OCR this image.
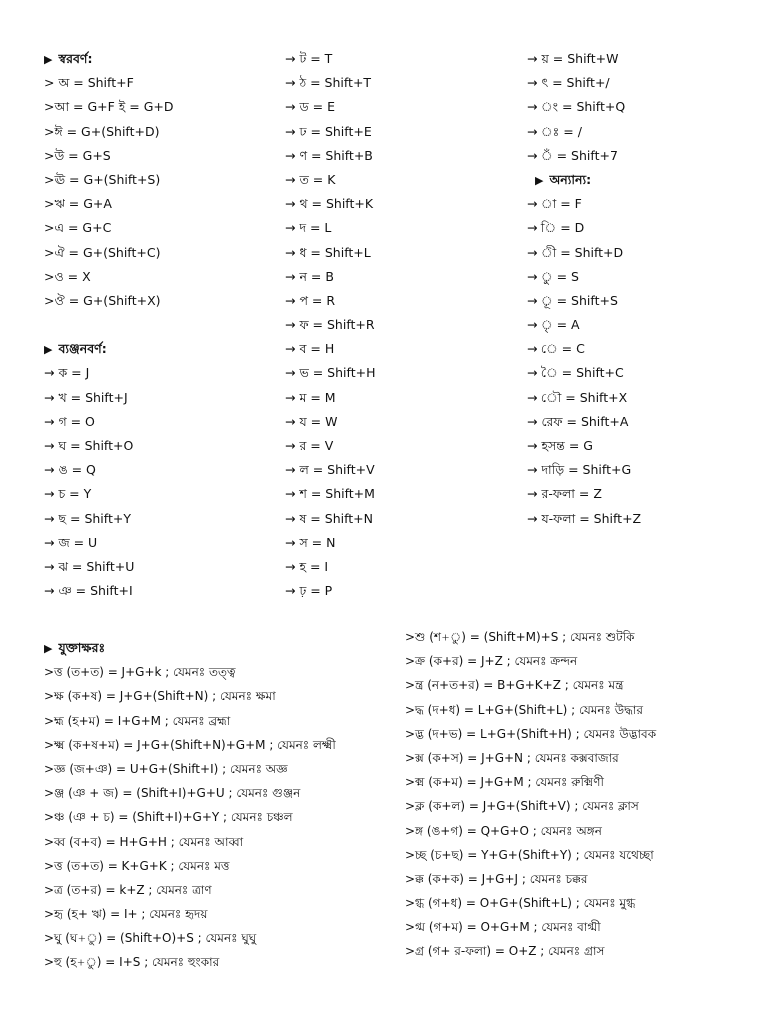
▶ স্বরবর্ণ:
> অ = Shift+F
>আ = G+F ই = G+D
>ঈ = G+(Shift+D)
>উ = G+S
>ঊ = G+(Shift+S)
>ঋ = G+A
>এ = G+C
>ঐ = G+(Shift+C)
>ও = X
>ঔ = G+(Shift+X)
▶ ব্যঞ্জনবর্ণ:
→ ক = J
→ খ = Shift+J
→ গ = O
→ ঘ = Shift+O
→ ঙ = Q
→ চ = Y
→ ছ = Shift+Y
→ জ = U
→ ঝ = Shift+U
→ ঞ = Shift+I
→ ট = T
→ ঠ = Shift+T
→ ড = E
→ ঢ = Shift+E
→ ণ = Shift+B
→ ত = K
→ থ = Shift+K
→ দ = L
→ ধ = Shift+L
→ ন = B
→ প = R
→ ফ = Shift+R
→ ব = H
→ ভ = Shift+H
→ ম = M
→ য = W
→ র = V
→ ল = Shift+V
→ শ = Shift+M
→ ষ = Shift+N
→ স = N
→ হ = I
→ ঢ় = P
→ য় = Shift+W
→ ৎ = Shift+/
→ ং = Shift+Q
→ ঃ = /
→ ঁ = Shift+7
▶ অন্যান্য:
→ া = F
→ ি = D
→ ী = Shift+D
→ ু = S
→ ূ = Shift+S
→ ৃ = A
→ ে = C
→ ৈ = Shift+C
→ ৌ = Shift+X
→ রেফ = Shift+A
→ হসন্ত = G
→ দাড়ি = Shift+G
→ র-ফলা = Z
→ য-ফলা = Shift+Z
▶ যুক্তাক্ষরঃ
>ত্ত (ত+ত) = J+G+k ; যেমনঃ তত্ত্ব
>ক্ষ (ক+ষ) = J+G+(Shift+N) ; যেমনঃ ক্ষমা
>হ্ম (হ+ম) = I+G+M ; যেমনঃ ব্রহ্মা
>ক্ষ্ম (ক+ষ+ম) = J+G+(Shift+N)+G+M ; যেমনঃ লক্ষ্মী
>জ্ঞ (জ+ঞ) = U+G+(Shift+I) ; যেমনঃ অজ্ঞ
>ঞ্জ (ঞ + জ) = (Shift+I)+G+U ; যেমনঃ গুঞ্জন
>ঞ্চ (ঞ + চ) = (Shift+I)+G+Y ; যেমনঃ চঞ্চল
>ব্ব (ব+ব) = H+G+H ; যেমনঃ আব্বা
>ত্ত (ত+ত) = K+G+K ; যেমনঃ মত্ত
>ত্র (ত+র) = k+Z ; যেমনঃ ত্রাণ
>হৃ (হ+ ঋ) = I+ ; যেমনঃ হৃদয়
>ঘু (ঘ+ু) = (Shift+O)+S ; যেমনঃ ঘুঘু
>হু (হ+ু) = I+S ; যেমনঃ হুংকার
>শু (শ+ু) = (Shift+M)+S ; যেমনঃ শুটকি
>ক্র (ক+র) = J+Z ; যেমনঃ ক্রন্দন
>ন্ত্র (ন+ত+র) = B+G+K+Z ; যেমনঃ মন্ত্র
>দ্ধ (দ+ধ) = L+G+(Shift+L) ; যেমনঃ উদ্ধার
>দ্ভ (দ+ভ) = L+G+(Shift+H) ; যেমনঃ উদ্ভাবক
>ক্স (ক+স) = J+G+N ; যেমনঃ কক্সবাজার
>ক্ম (ক+ম) = J+G+M ; যেমনঃ রুক্মিণী
>ক্ল (ক+ল) = J+G+(Shift+V) ; যেমনঃ ক্লাস
>ঙ্গ (ঙ+গ) = Q+G+O ; যেমনঃ অঙ্গন
>চ্ছ (চ+ছ) = Y+G+(Shift+Y) ; যেমনঃ যথেচ্ছা
>ক্ক (ক+ক) = J+G+J ; যেমনঃ চক্কর
>গ্ধ (গ+ধ) = O+G+(Shift+L) ; যেমনঃ মুগ্ধ
>গ্ম (গ+ম) = O+G+M ; যেমনঃ বাগ্মী
>গ্র (গ+ র-ফলা) = O+Z ; যেমনঃ গ্রাস
